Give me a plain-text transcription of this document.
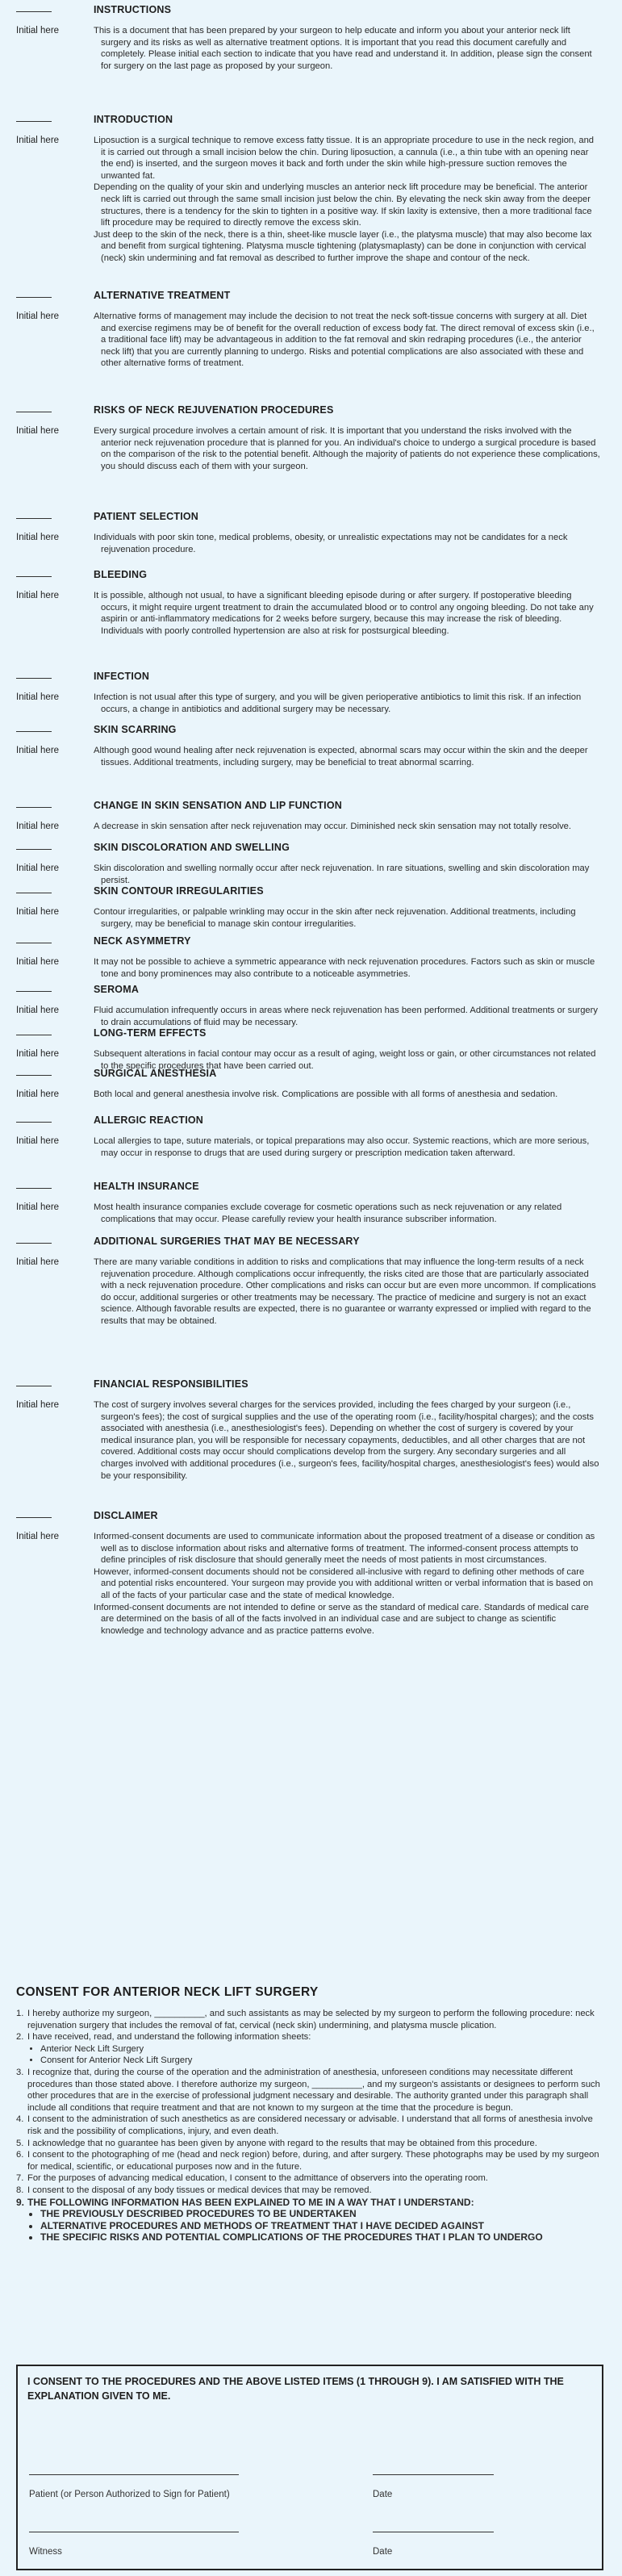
INSTRUCTIONS
Initial here	This is a document that has been prepared by your surgeon to help educate and inform you about your anterior neck lift surgery and its risks as well as alternative treatment options. It is important that you read this document carefully and completely. Please initial each section to indicate that you have read and understand it. In addition, please sign the consent for surgery on the last page as proposed by your surgeon.

INTRODUCTION
Initial here	Liposuction is a surgical technique to remove excess fatty tissue. It is an appropriate procedure to use in the neck region, and it is carried out through a small incision below the chin. During liposuction, a cannula (i.e., a thin tube with an opening near the end) is inserted, and the surgeon moves it back and forth under the skin while high-pressure suction removes the unwanted fat.

Depending on the quality of your skin and underlying muscles an anterior neck lift procedure may be beneficial. The anterior neck lift is carried out through the same small incision just below the chin. By elevating the neck skin away from the deeper structures, there is a tendency for the skin to tighten in a positive way. If skin laxity is extensive, then a more traditional face lift procedure may be required to directly remove the excess skin.

Just deep to the skin of the neck, there is a thin, sheet-like muscle layer (i.e., the platysma muscle) that may also become lax and benefit from surgical tightening. Platysma muscle tightening (platysmaplasty) can be done in conjunction with cervical (neck) skin undermining and fat removal as described to further improve the shape and contour of the neck.

ALTERNATIVE TREATMENT
Initial here	Alternative forms of management may include the decision to not treat the neck soft-tissue concerns with surgery at all. Diet and exercise regimens may be of benefit for the overall reduction of excess body fat. The direct removal of excess skin (i.e., a traditional face lift) may be advantageous in addition to the fat removal and skin redraping procedures (i.e., the anterior neck lift) that you are currently planning to undergo. Risks and potential complications are also associated with these and other alternative forms of treatment.

RISKS OF NECK REJUVENATION PROCEDURES
Initial here	Every surgical procedure involves a certain amount of risk. It is important that you understand the risks involved with the anterior neck rejuvenation procedure that is planned for you. An individual's choice to undergo a surgical procedure is based on the comparison of the risk to the potential benefit. Although the majority of patients do not experience these complications, you should discuss each of them with your surgeon.

PATIENT SELECTION
Initial here	Individuals with poor skin tone, medical problems, obesity, or unrealistic expectations may not be candidates for a neck rejuvenation procedure.

BLEEDING
Initial here	It is possible, although not usual, to have a significant bleeding episode during or after surgery. If postoperative bleeding occurs, it might require urgent treatment to drain the accumulated blood or to control any ongoing bleeding. Do not take any aspirin or anti-inflammatory medications for 2 weeks before surgery, because this may increase the risk of bleeding. Individuals with poorly controlled hypertension are also at risk for postsurgical bleeding.

INFECTION
Initial here	Infection is not usual after this type of surgery, and you will be given perioperative antibiotics to limit this risk. If an infection occurs, a change in antibiotics and additional surgery may be necessary.

SKIN SCARRING
Initial here	Although good wound healing after neck rejuvenation is expected, abnormal scars may occur within the skin and the deeper tissues. Additional treatments, including surgery, may be beneficial to treat abnormal scarring.

CHANGE IN SKIN SENSATION AND LIP FUNCTION
Initial here	A decrease in skin sensation after neck rejuvenation may occur. Diminished neck skin sensation may not totally resolve.

SKIN DISCOLORATION AND SWELLING
Initial here	Skin discoloration and swelling normally occur after neck rejuvenation. In rare situations, swelling and skin discoloration may persist.

SKIN CONTOUR IRREGULARITIES
Initial here	Contour irregularities, or palpable wrinkling may occur in the skin after neck rejuvenation. Additional treatments, including surgery, may be beneficial to manage skin contour irregularities.

NECK ASYMMETRY
Initial here	It may not be possible to achieve a symmetric appearance with neck rejuvenation procedures. Factors such as skin or muscle tone and bony prominences may also contribute to a noticeable asymmetries.

SEROMA
Initial here	Fluid accumulation infrequently occurs in areas where neck rejuvenation has been performed. Additional treatments or surgery to drain accumulations of fluid may be necessary.

LONG-TERM EFFECTS
Initial here	Subsequent alterations in facial contour may occur as a result of aging, weight loss or gain, or other circumstances not related to the specific procedures that have been carried out.

SURGICAL ANESTHESIA
Initial here	Both local and general anesthesia involve risk. Complications are possible with all forms of anesthesia and sedation.

ALLERGIC REACTION
Initial here	Local allergies to tape, suture materials, or topical preparations may also occur. Systemic reactions, which are more serious, may occur in response to drugs that are used during surgery or prescription medication taken afterward.

HEALTH INSURANCE
Initial here	Most health insurance companies exclude coverage for cosmetic operations such as neck rejuvenation or any related complications that may occur. Please carefully review your health insurance subscriber information.

ADDITIONAL SURGERIES THAT MAY BE NECESSARY
Initial here	There are many variable conditions in addition to risks and complications that may influence the long-term results of a neck rejuvenation procedure. Although complications occur infrequently, the risks cited are those that are particularly associated with a neck rejuvenation procedure. Other complications and risks can occur but are even more uncommon. If complications do occur, additional surgeries or other treatments may be necessary. The practice of medicine and surgery is not an exact science. Although favorable results are expected, there is no guarantee or warranty expressed or implied with regard to the results that may be obtained.

FINANCIAL RESPONSIBILITIES
Initial here	The cost of surgery involves several charges for the services provided, including the fees charged by your surgeon (i.e., surgeon's fees); the cost of surgical supplies and the use of the operating room (i.e., facility/hospital charges); and the costs associated with anesthesia (i.e., anesthesiologist's fees). Depending on whether the cost of surgery is covered by your medical insurance plan, you will be responsible for necessary copayments, deductibles, and all other charges that are not covered. Additional costs may occur should complications develop from the surgery. Any secondary surgeries and all charges involved with additional procedures (i.e., surgeon's fees, facility/hospital charges, anesthesiologist's fees) would also be your responsibility.

DISCLAIMER
Initial here	Informed-consent documents are used to communicate information about the proposed treatment of a disease or condition as well as to disclose information about risks and alternative forms of treatment. The informed-consent process attempts to define principles of risk disclosure that should generally meet the needs of most patients in most circumstances.

However, informed-consent documents should not be considered all-inclusive with regard to defining other methods of care and potential risks encountered. Your surgeon may provide you with additional written or verbal information that is based on all of the facts of your particular case and the state of medical knowledge.

Informed-consent documents are not intended to define or serve as the standard of medical care. Standards of medical care are determined on the basis of all of the facts involved in an individual case and are subject to change as scientific knowledge and technology advance and as practice patterns evolve.

CONSENT FOR ANTERIOR NECK LIFT SURGERY
1. I hereby authorize my surgeon, __________, and such assistants as may be selected by my surgeon to perform the following procedure: neck rejuvenation surgery that includes the removal of fat, cervical (neck skin) undermining, and platysma muscle plication.
2. I have received, read, and understand the following information sheets:
• Anterior Neck Lift Surgery
• Consent for Anterior Neck Lift Surgery
3. I recognize that, during the course of the operation and the administration of anesthesia, unforeseen conditions may necessitate different procedures than those stated above. I therefore authorize my surgeon, __________, and my surgeon's assistants or designees to perform such other procedures that are in the exercise of professional judgment necessary and desirable. The authority granted under this paragraph shall include all conditions that require treatment and that are not known to my surgeon at the time that the procedure is begun.
4. I consent to the administration of such anesthetics as are considered necessary or advisable. I understand that all forms of anesthesia involve risk and the possibility of complications, injury, and even death.
5. I acknowledge that no guarantee has been given by anyone with regard to the results that may be obtained from this procedure.
6. I consent to the photographing of me (head and neck region) before, during, and after surgery. These photographs may be used by my surgeon for medical, scientific, or educational purposes now and in the future.
7. For the purposes of advancing medical education, I consent to the admittance of observers into the operating room.
8. I consent to the disposal of any body tissues or medical devices that may be removed.
9. THE FOLLOWING INFORMATION HAS BEEN EXPLAINED TO ME IN A WAY THAT I UNDERSTAND:
• THE PREVIOUSLY DESCRIBED PROCEDURES TO BE UNDERTAKEN
• ALTERNATIVE PROCEDURES AND METHODS OF TREATMENT THAT I HAVE DECIDED AGAINST
• THE SPECIFIC RISKS AND POTENTIAL COMPLICATIONS OF THE PROCEDURES THAT I PLAN TO UNDERGO
I CONSENT TO THE PROCEDURES AND THE ABOVE LISTED ITEMS (1 THROUGH 9). I AM SATISFIED WITH THE EXPLANATION GIVEN TO ME.
Patient (or Person Authorized to Sign for Patient)	Date
Witness	Date
